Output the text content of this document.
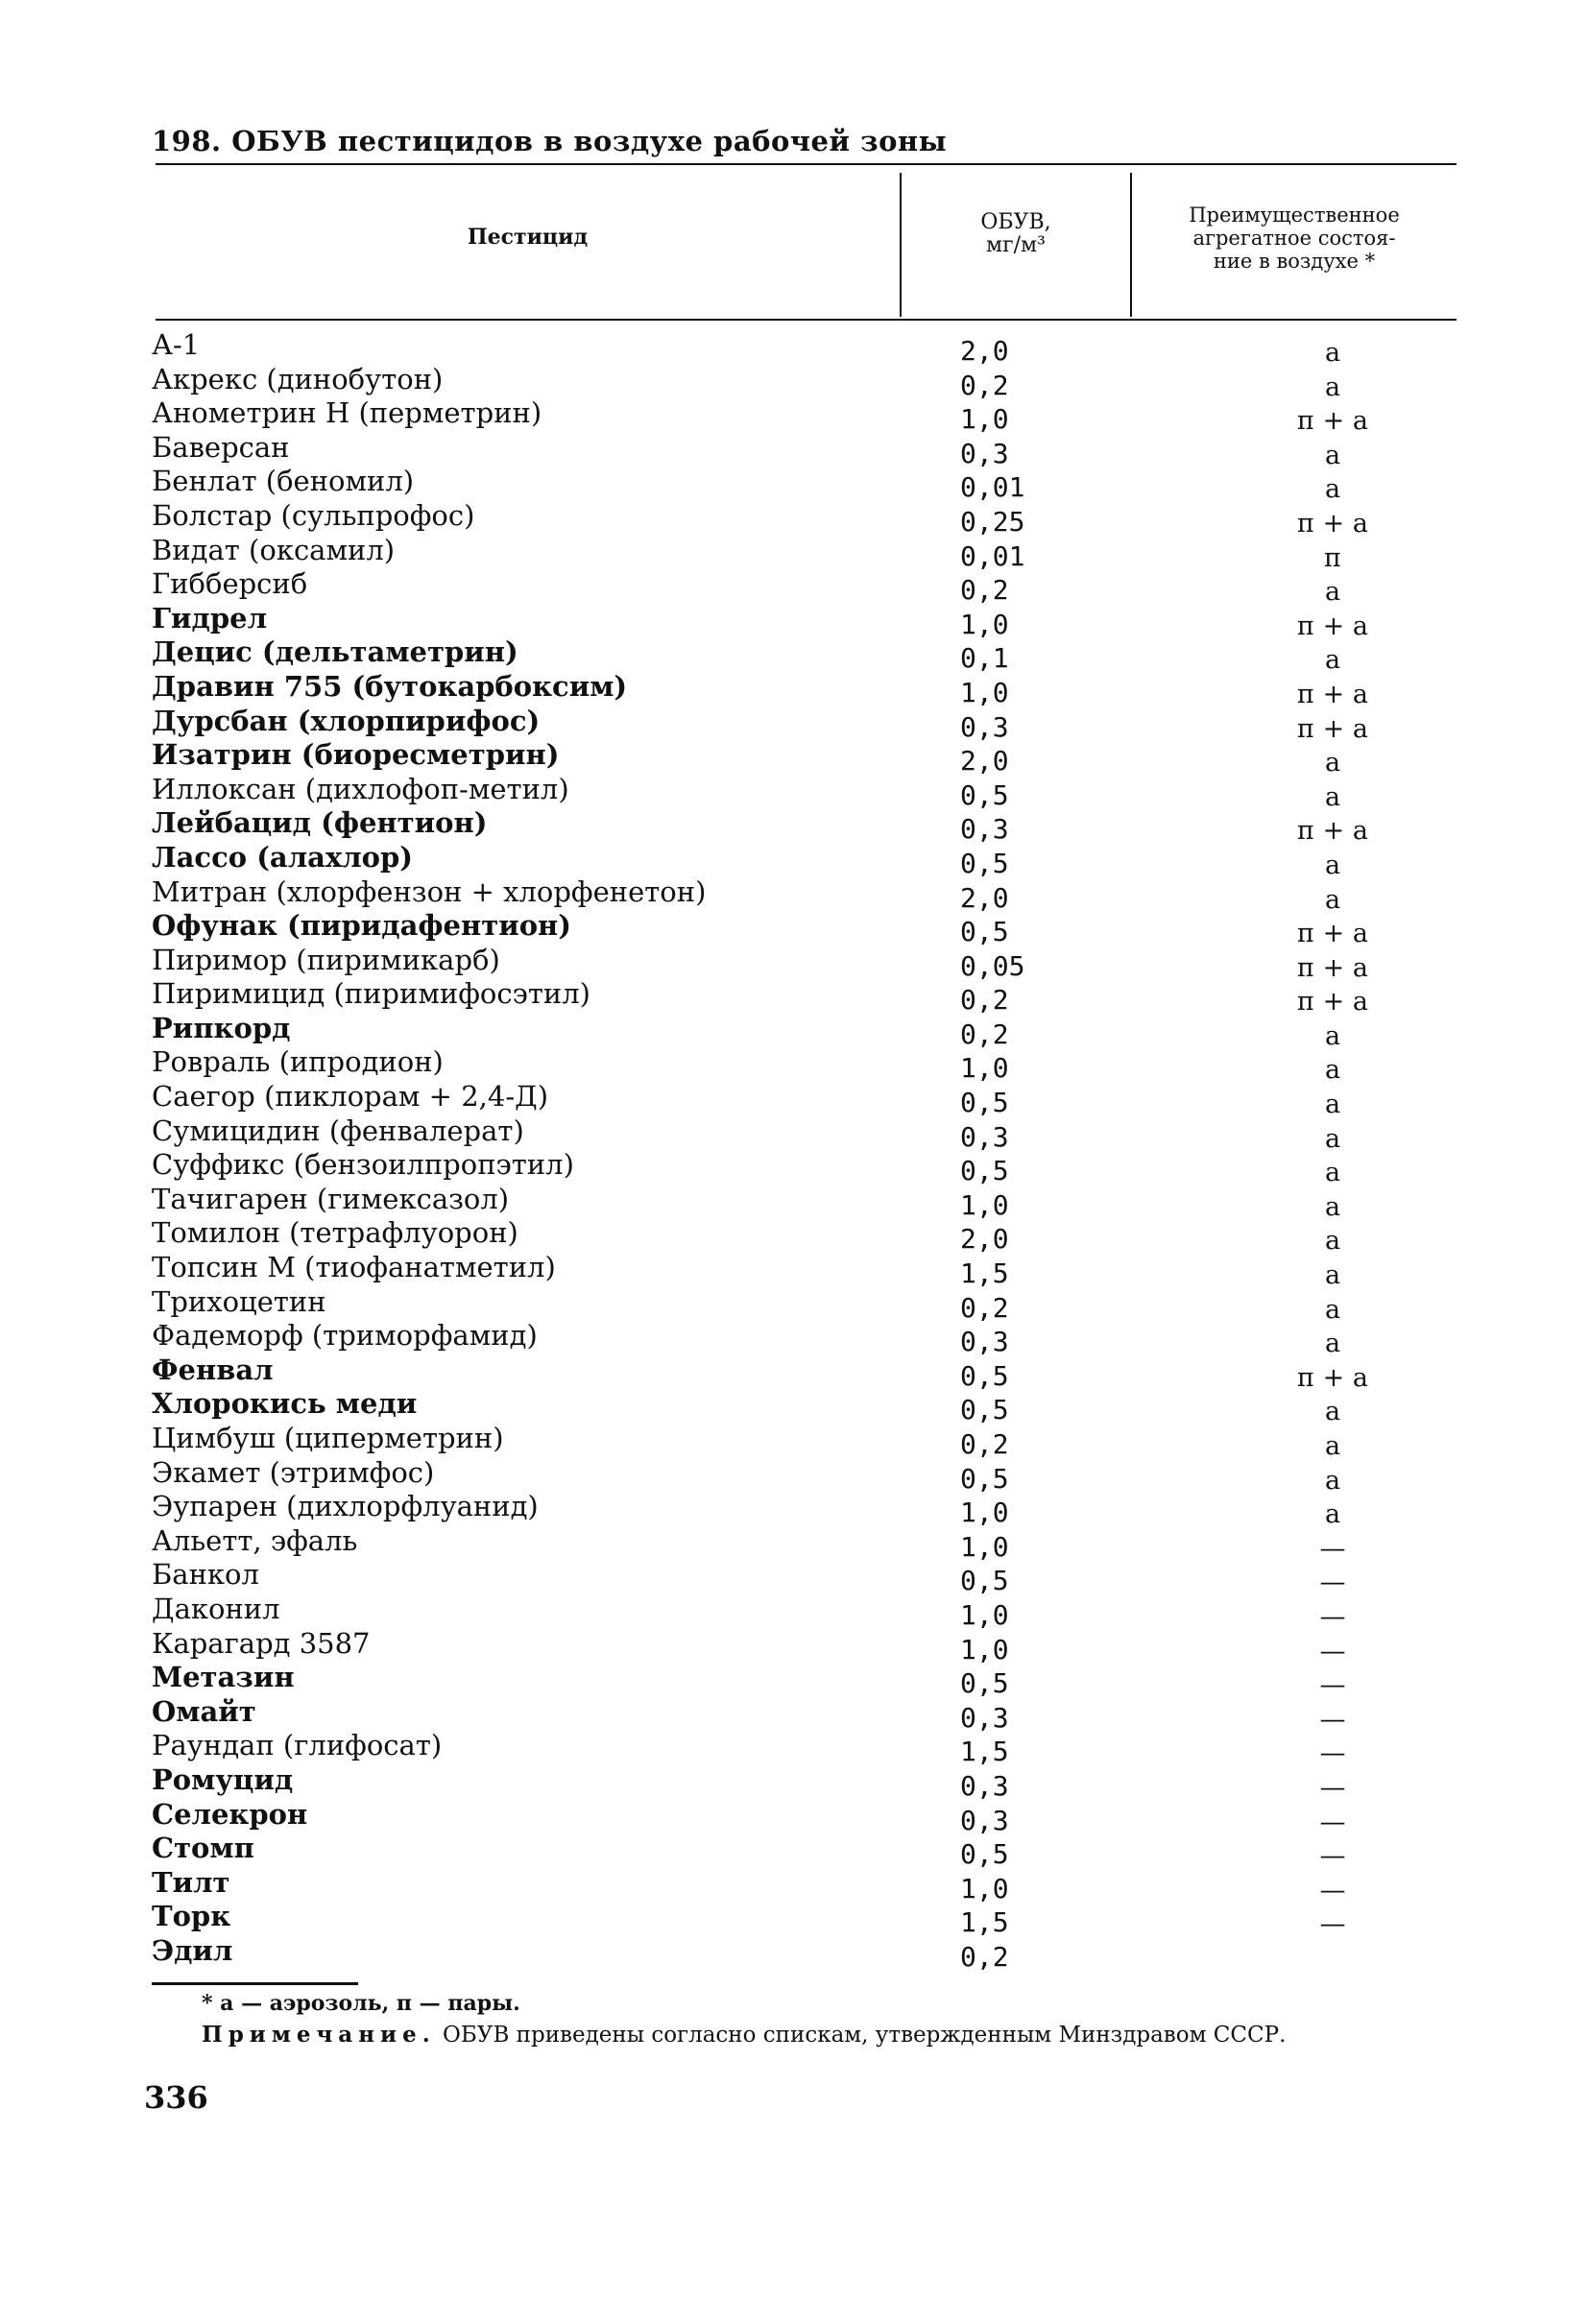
198. ОБУВ пестицидов в воздухе рабочей зоны
Пестицид
ОБУВ,
мг/м³
Преимущественное
агрегатное состоя-
ние в воздухе *
А-1	2,0	а
Акрекс (динобутон)	0,2	а
Анометрин Н (перметрин)	1,0	п + а
Баверсан	0,3	а
Бенлат (беномил)	0,01	а
Болстар (сульпрофос)	0,25	п + а
Видат (оксамил)	0,01	п
Гибберсиб	0,2	а
Гидрел	1,0	п + а
Децис (дельтаметрин)	0,1	а
Дравин 755 (бутокарбоксим)	1,0	п + а
Дурсбан (хлорпирифос)	0,3	п + а
Изатрин (биоресметрин)	2,0	а
Иллоксан (дихлофоп-метил)	0,5	а
Лейбацид (фентион)	0,3	п + а
Лассо (алахлор)	0,5	а
Митран (хлорфензон + хлорфенетон)	2,0	а
Офунак (пиридафентион)	0,5	п + а
Пиримор (пиримикарб)	0,05	п + а
Пиримицид (пиримифосэтил)	0,2	п + а
Рипкорд	0,2	а
Ровраль (ипродион)	1,0	а
Саегор (пиклорам + 2,4-Д)	0,5	а
Сумицидин (фенвалерат)	0,3	а
Суффикс (бензоилпропэтил)	0,5	а
Тачигарен (гимексазол)	1,0	а
Томилон (тетрафлуорон)	2,0	а
Топсин М (тиофанатметил)	1,5	а
Трихоцетин	0,2	а
Фадеморф (триморфамид)	0,3	а
Фенвал	0,5	п + а
Хлорокись меди	0,5	а
Цимбуш (циперметрин)	0,2	а
Экамет (этримфос)	0,5	а
Эупарен (дихлорфлуанид)	1,0	а
Альетт, эфаль	1,0	—
Банкол	0,5	—
Даконил	1,0	—
Карагард 3587	1,0	—
Метазин	0,5	—
Омайт	0,3	—
Раундап (глифосат)	1,5	—
Ромуцид	0,3	—
Селекрон	0,3	—
Стомп	0,5	—
Тилт	1,0	—
Торк	1,5	—
Эдил	0,2
* а — аэрозоль, п — пары.
Примечание. ОБУВ приведены согласно спискам, утвержденным Минздравом СССР.
336
